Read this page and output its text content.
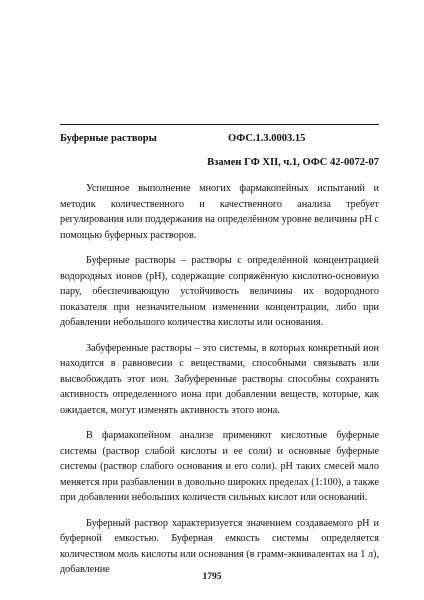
Буферные растворы	ОФС.1.3.0003.15
Взамен ГФ XII, ч.1, ОФС 42-0072-07

Успешное выполнение многих фармакопейных испытаний и методик количественного и качественного анализа требует регулирования или поддержания на определённом уровне величины pH с помощью буферных растворов.

Буферные растворы – растворы с определённой концентрацией водородных ионов (pH), содержащие сопряжённую кислотно-основную пару, обеспечивающую устойчивость величины их водородного показателя при незначительном изменении концентрации, либо при добавлении небольшого количества кислоты или основания.

Забуференные растворы – это системы, в которых конкретный ион находится в равновесии с веществами, способными связывать или высвобождать этот ион. Забуференные растворы способны сохранять активность определенного иона при добавлении веществ, которые, как ожидается, могут изменять активность этого иона.

В фармакопейном анализе применяют кислотные буферные системы (раствор слабой кислоты и ее соли) и основные буферные системы (раствор слабого основания и его соли). pH таких смесей мало меняется при разбавлении в довольно широких пределах (1:100), а также при добавлении небольших количеств сильных кислот или оснований.

Буферный раствор характеризуется значением создаваемого pH и буферной емкостью. Буферная емкость системы определяется количеством моль кислоты или основания (в грамм-эквивалентах на 1 л), добавление

1795
